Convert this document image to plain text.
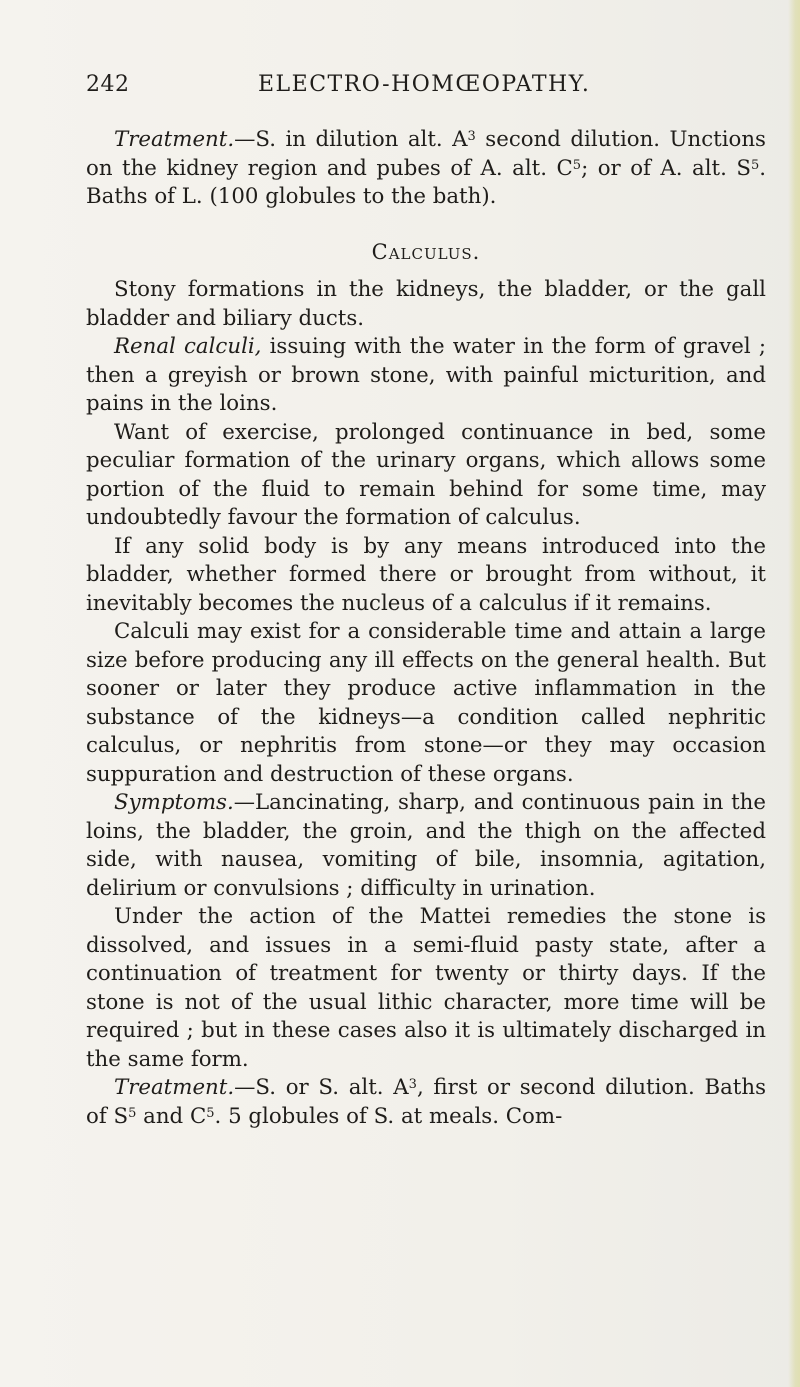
242	ELECTRO-HOMŒOPATHY.

Treatment.—S. in dilution alt. $A^3$ second dilution. Unctions on the kidney region and pubes of A. alt. $C^5$; or of A. alt. $S^5$. Baths of L. (100 globules to the bath).

Calculus.

Stony formations in the kidneys, the bladder, or the gall bladder and biliary ducts.

Renal calculi, issuing with the water in the form of gravel ; then a greyish or brown stone, with painful micturition, and pains in the loins.

Want of exercise, prolonged continuance in bed, some peculiar formation of the urinary organs, which allows some portion of the fluid to remain behind for some time, may undoubtedly favour the formation of calculus.

If any solid body is by any means introduced into the bladder, whether formed there or brought from without, it inevitably becomes the nucleus of a calculus if it remains.

Calculi may exist for a considerable time and attain a large size before producing any ill effects on the general health. But sooner or later they produce active inflammation in the substance of the kidneys—a condition called nephritic calculus, or nephritis from stone—or they may occasion suppuration and destruction of these organs.

Symptoms.—Lancinating, sharp, and continuous pain in the loins, the bladder, the groin, and the thigh on the affected side, with nausea, vomiting of bile, insomnia, agitation, delirium or convulsions ; difficulty in urination.

Under the action of the Mattei remedies the stone is dissolved, and issues in a semi-fluid pasty state, after a continuation of treatment for twenty or thirty days. If the stone is not of the usual lithic character, more time will be required ; but in these cases also it is ultimately discharged in the same form.

Treatment.—S. or S. alt. $A^3$, first or second dilution. Baths of $S^5$ and $C^5$. 5 globules of S. at meals. Com-
